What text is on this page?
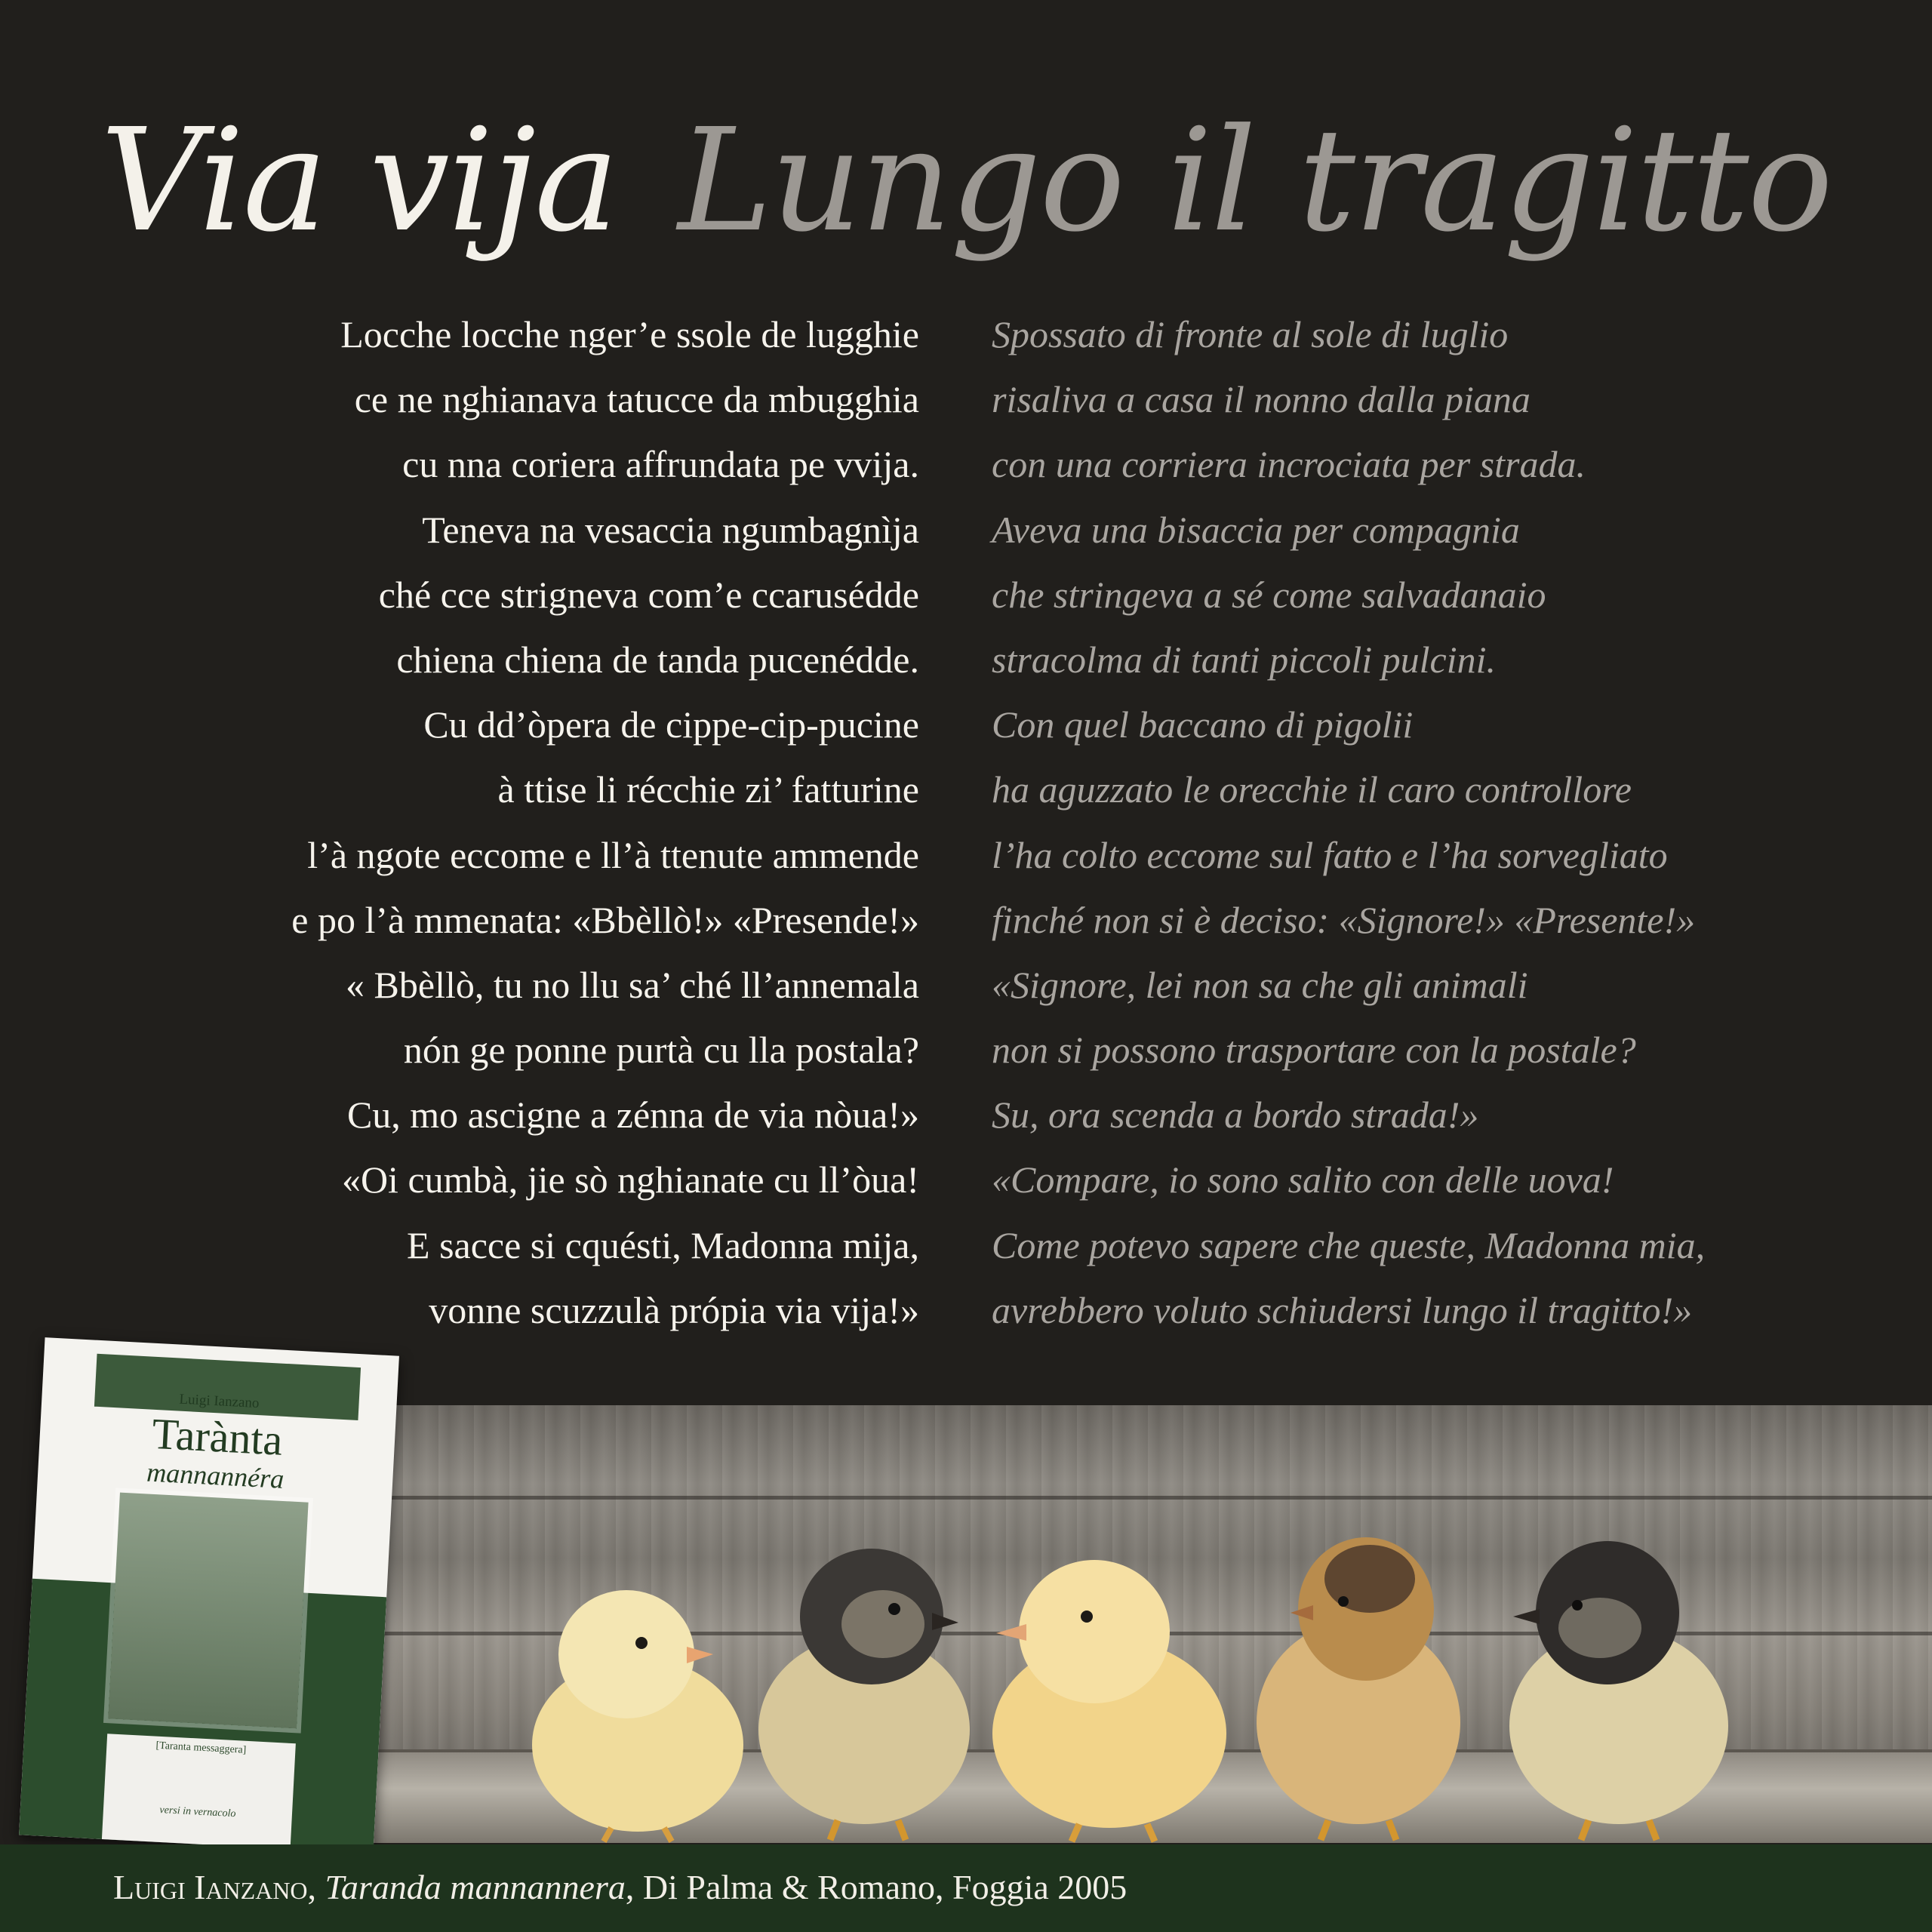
Via vija Lungo il tragitto
Locche locche nger’e ssole de lugghie
ce ne nghianava tatucce da mbugghia
cu nna coriera affrundata pe vvija.
Teneva na vesaccia ngumbagnìja
ché cce strigneva com’e ccarusédde
chiena chiena de tanda pucenédde.
Cu dd’òpera de cippe-cip-pucine
à ttise li récchie zi’ fatturine
l’à ngote eccome e ll’à ttenute ammende
e po l’à mmenata: «Bbèllò!» «Presende!»
« Bbèllò, tu no llu sa’ ché ll’annemala
nón ge ponne purtà cu lla postala?
Cu, mo ascigne a zénna de via nòua!»
«Oi cumbà, jie sò nghianate cu ll’òua!
E sacce si cquésti, Madonna mija,
vonne scuzzulà própia via vija!»
Spossato di fronte al sole di luglio
risaliva a casa il nonno dalla piana
con una corriera incrociata per strada.
Aveva una bisaccia per compagnia
che stringeva a sé come salvadanaio
stracolma di tanti piccoli pulcini.
Con quel baccano di pigolii
ha aguzzato le orecchie il caro controllore
l’ha colto eccome sul fatto e l’ha sorvegliato
finché non si è deciso: «Signore!» «Presente!»
«Signore, lei non sa che gli animali
non si possono trasportare con la postale?
Su, ora scenda a bordo strada!»
«Compare, io sono salito con delle uova!
Come potevo sapere che queste, Madonna mia,
avrebbero voluto schiudersi lungo il tragitto!»
Luigi Ianzano
Tarànta
mannannéra
[Taranta messaggera]
versi in vernacolo
Luigi Ianzano, Taranda mannannera, Di Palma & Romano, Foggia 2005
